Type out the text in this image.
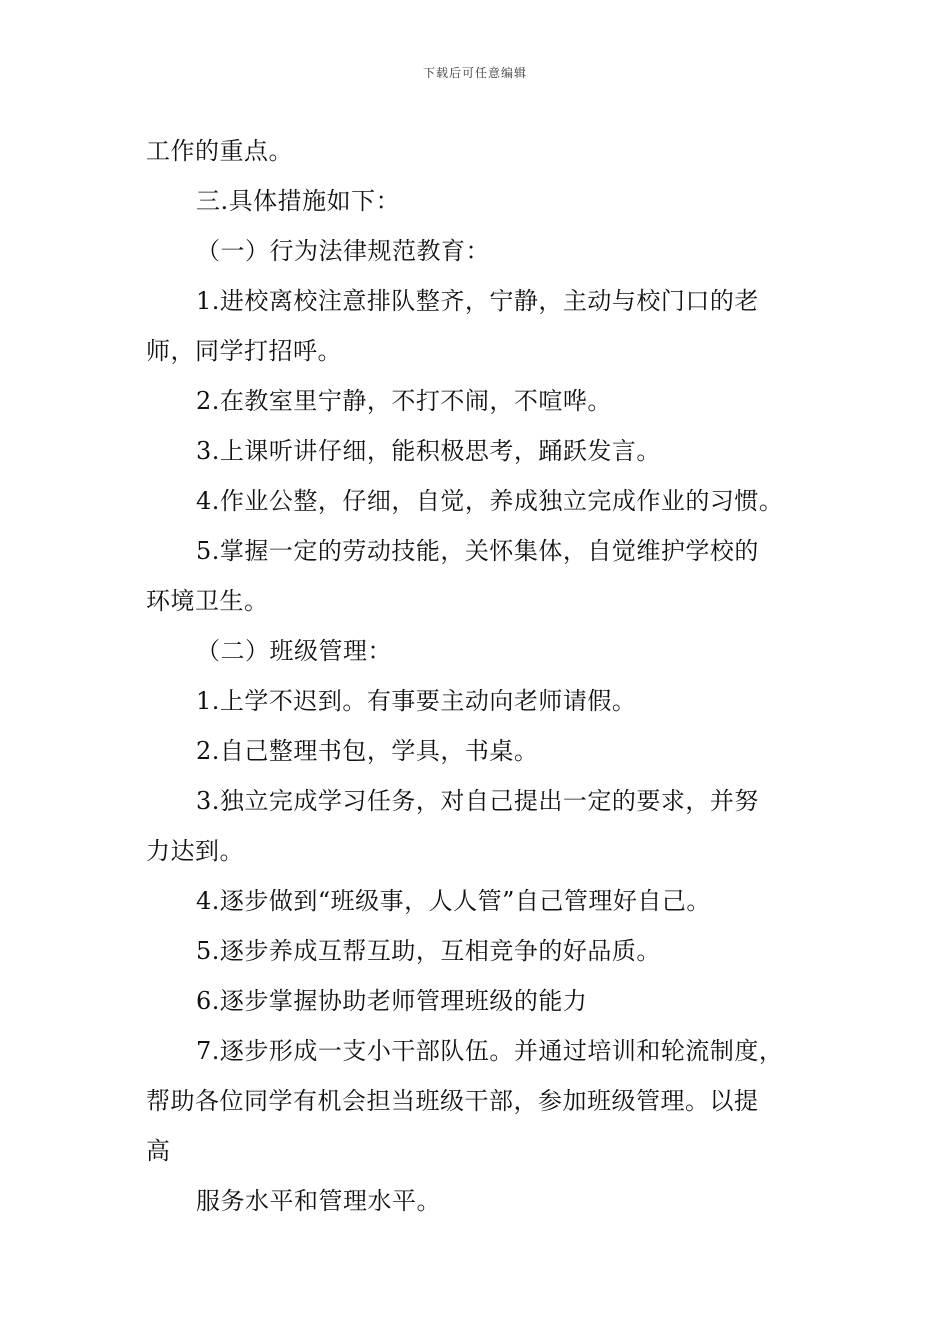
下载后可任意编辑
工作的重点。
三.具体措施如下：
（一）行为法律规范教育：
1.进校离校注意排队整齐，宁静，主动与校门口的老
师，同学打招呼。
2.在教室里宁静，不打不闹，不喧哗。
3.上课听讲仔细，能积极思考，踊跃发言。
4.作业公整，仔细，自觉，养成独立完成作业的习惯。
5.掌握一定的劳动技能，关怀集体，自觉维护学校的
环境卫生。
（二）班级管理：
1.上学不迟到。有事要主动向老师请假。
2.自己整理书包，学具，书桌。
3.独立完成学习任务，对自己提出一定的要求，并努
力达到。
4.逐步做到“班级事，人人管”自己管理好自己。
5.逐步养成互帮互助，互相竞争的好品质。
6.逐步掌握协助老师管理班级的能力
7.逐步形成一支小干部队伍。并通过培训和轮流制度，
帮助各位同学有机会担当班级干部，参加班级管理。以提
高
服务水平和管理水平。
